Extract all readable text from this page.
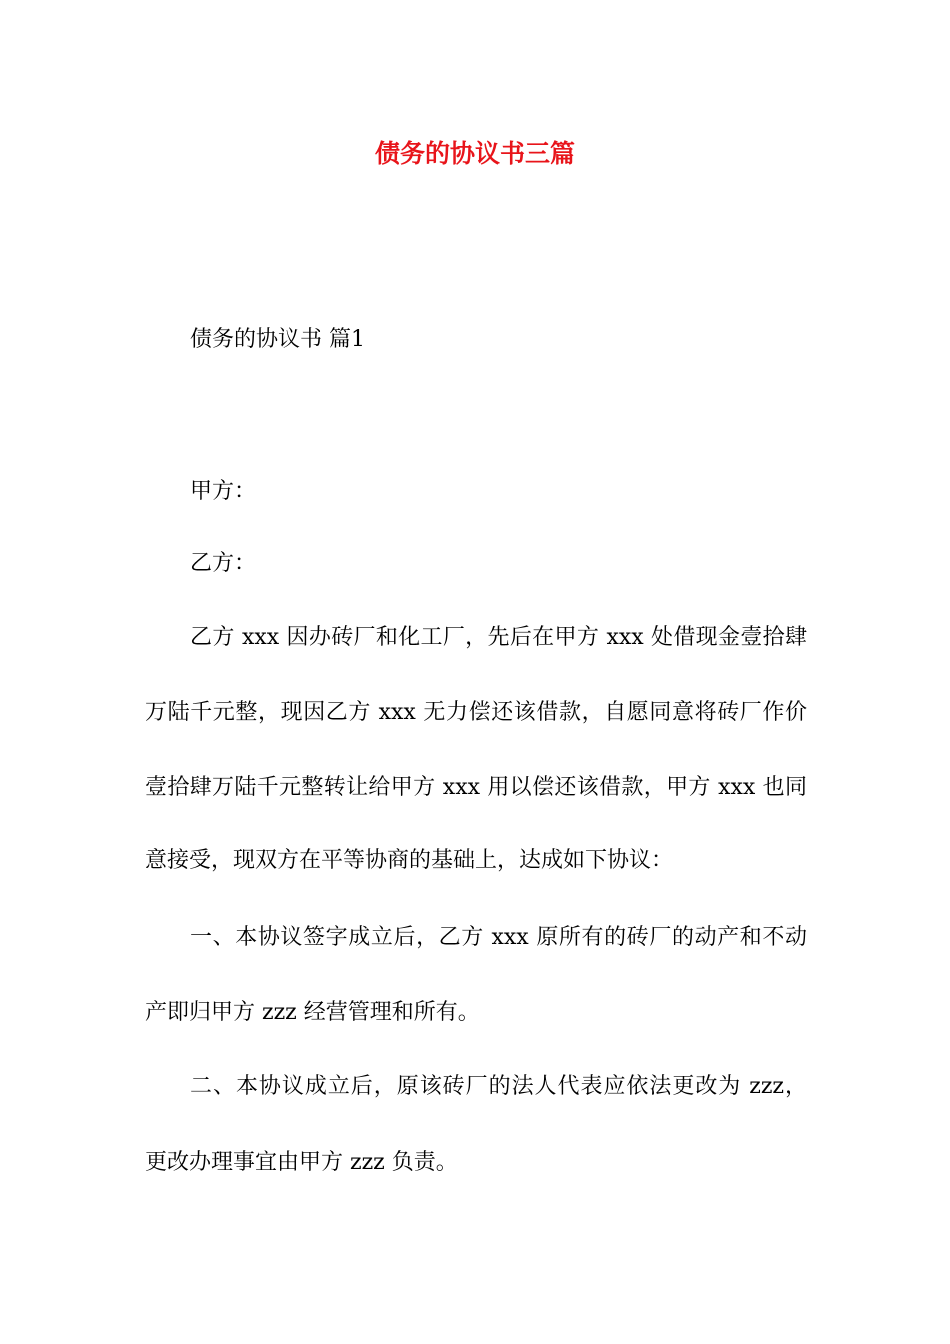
债务的协议书三篇
债务的协议书 篇1
甲方：
乙方：
乙方 xxx 因办砖厂和化工厂，先后在甲方 xxx 处借现金壹拾肆
万陆千元整，现因乙方 xxx 无力偿还该借款，自愿同意将砖厂作价
壹拾肆万陆千元整转让给甲方 xxx 用以偿还该借款，甲方 xxx 也同
意接受，现双方在平等协商的基础上，达成如下协议：
一、本协议签字成立后，乙方 xxx 原所有的砖厂的动产和不动
产即归甲方 zzz 经营管理和所有。
二、本协议成立后，原该砖厂的法人代表应依法更改为 zzz，
更改办理事宜由甲方 zzz 负责。
